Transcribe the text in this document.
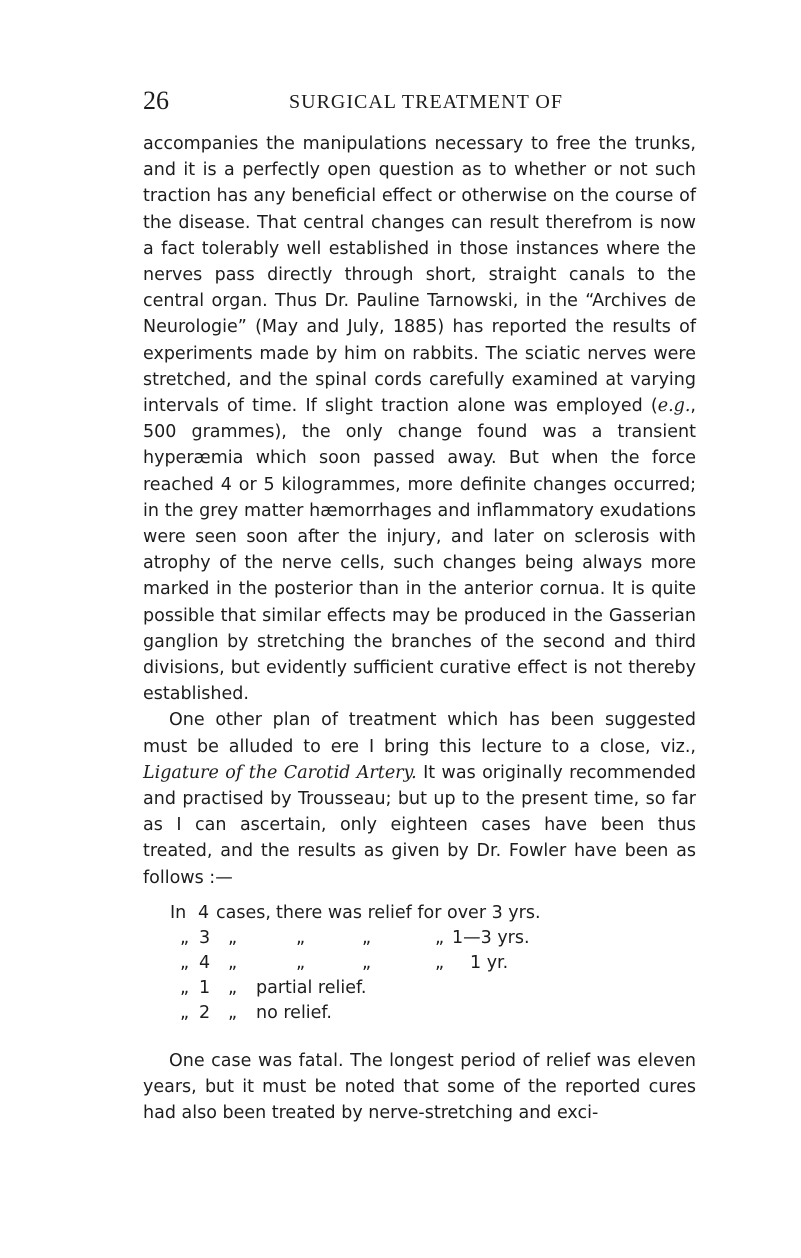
26	SURGICAL TREATMENT OF

accompanies the manipulations necessary to free the trunks, and it is a perfectly open question as to whether or not such traction has any beneficial effect or otherwise on the course of the disease. That central changes can result therefrom is now a fact tolerably well established in those instances where the nerves pass directly through short, straight canals to the central organ. Thus Dr. Pauline Tarnowski, in the “Archives de Neurologie” (May and July, 1885) has reported the results of experiments made by him on rabbits. The sciatic nerves were stretched, and the spinal cords carefully examined at varying intervals of time. If slight traction alone was employed (e.g., 500 grammes), the only change found was a transient hyperæmia which soon passed away. But when the force reached 4 or 5 kilogrammes, more definite changes occurred; in the grey matter hæmorrhages and inflammatory exudations were seen soon after the injury, and later on sclerosis with atrophy of the nerve cells, such changes being always more marked in the posterior than in the anterior cornua. It is quite possible that similar effects may be produced in the Gasserian ganglion by stretching the branches of the second and third divisions, but evidently sufficient curative effect is not thereby established.

One other plan of treatment which has been suggested must be alluded to ere I bring this lecture to a close, viz., Ligature of the Carotid Artery. It was originally recommended and practised by Trousseau; but up to the present time, so far as I can ascertain, only eighteen cases have been thus treated, and the results as given by Dr. Fowler have been as follows :—

In 4 cases, there was relief for over 3 yrs.
„ 3 „	„	„	„ 1—3 yrs.
„ 4 „	„	„	„ 1 yr.
„ 1 „ partial relief.
„ 2 „ no relief.

One case was fatal. The longest period of relief was eleven years, but it must be noted that some of the reported cures had also been treated by nerve-stretching and exci-
